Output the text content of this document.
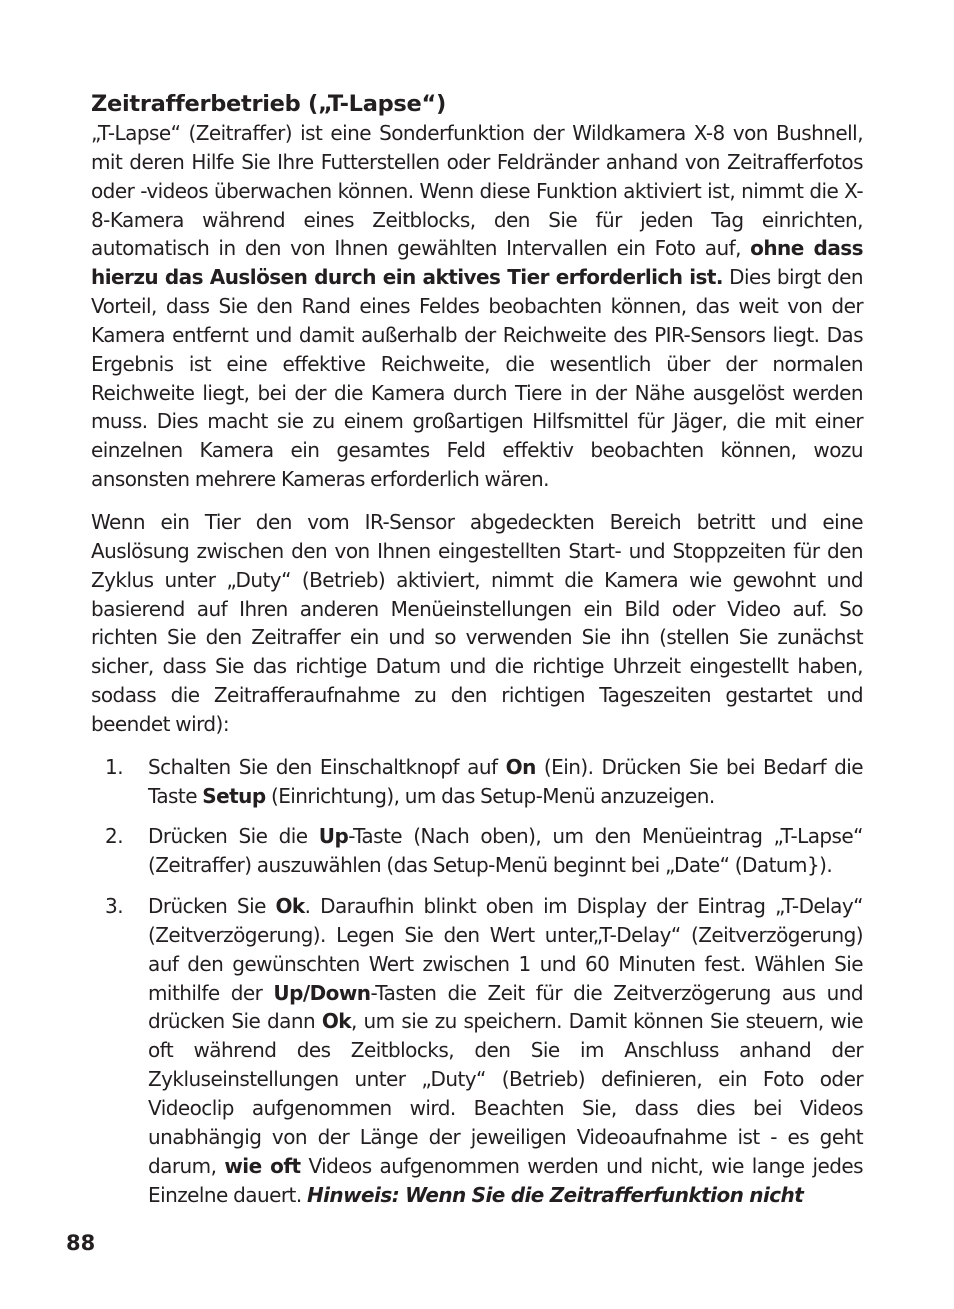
Zeitrafferbetrieb („T-Lapse“)

„T-Lapse“ (Zeitraffer) ist eine Sonderfunktion der Wildkamera X-8 von Bushnell, mit deren Hilfe Sie Ihre Futterstellen oder Feldränder anhand von Zeitrafferfotos oder -videos überwachen können. Wenn diese Funktion aktiviert ist, nimmt die X-8-Kamera während eines Zeitblocks, den Sie für jeden Tag einrichten, automatisch in den von Ihnen gewählten Intervallen ein Foto auf, ohne dass hierzu das Auslösen durch ein aktives Tier erforderlich ist. Dies birgt den Vorteil, dass Sie den Rand eines Feldes beobachten können, das weit von der Kamera entfernt und damit außerhalb der Reichweite des PIR-Sensors liegt. Das Ergebnis ist eine effektive Reichweite, die wesentlich über der normalen Reichweite liegt, bei der die Kamera durch Tiere in der Nähe ausgelöst werden muss. Dies macht sie zu einem großartigen Hilfsmittel für Jäger, die mit einer einzelnen Kamera ein gesamtes Feld effektiv beobachten können, wozu ansonsten mehrere Kameras erforderlich wären.

Wenn ein Tier den vom IR-Sensor abgedeckten Bereich betritt und eine Auslösung zwischen den von Ihnen eingestellten Start- und Stoppzeiten für den Zyklus unter „Duty“ (Betrieb) aktiviert, nimmt die Kamera wie gewohnt und basierend auf Ihren anderen Menüeinstellungen ein Bild oder Video auf. So richten Sie den Zeitraffer ein und so verwenden Sie ihn (stellen Sie zunächst sicher, dass Sie das richtige Datum und die richtige Uhrzeit eingestellt haben, sodass die Zeitrafferaufnahme zu den richtigen Tageszeiten gestartet und beendet wird):

1.	Schalten Sie den Einschaltknopf auf On (Ein). Drücken Sie bei Bedarf die Taste Setup (Einrichtung), um das Setup-Menü anzuzeigen.
2.	Drücken Sie die Up-Taste (Nach oben), um den Menüeintrag „T-Lapse“ (Zeitraffer) auszuwählen (das Setup-Menü beginnt bei „Date“ (Datum}).
3.	Drücken Sie Ok. Daraufhin blinkt oben im Display der Eintrag „T-Delay“ (Zeitverzögerung). Legen Sie den Wert unter„T-Delay“ (Zeitverzögerung) auf den gewünschten Wert zwischen 1 und 60 Minuten fest. Wählen Sie mithilfe der Up/Down-Tasten die Zeit für die Zeitverzögerung aus und drücken Sie dann Ok, um sie zu speichern. Damit können Sie steuern, wie oft während des Zeitblocks, den Sie im Anschluss anhand der Zykluseinstellungen unter „Duty“ (Betrieb) definieren, ein Foto oder Videoclip aufgenommen wird. Beachten Sie, dass dies bei Videos unabhängig von der Länge der jeweiligen Videoaufnahme ist - es geht darum, wie oft Videos aufgenommen werden und nicht, wie lange jedes Einzelne dauert. Hinweis: Wenn Sie die Zeitrafferfunktion nicht
88
